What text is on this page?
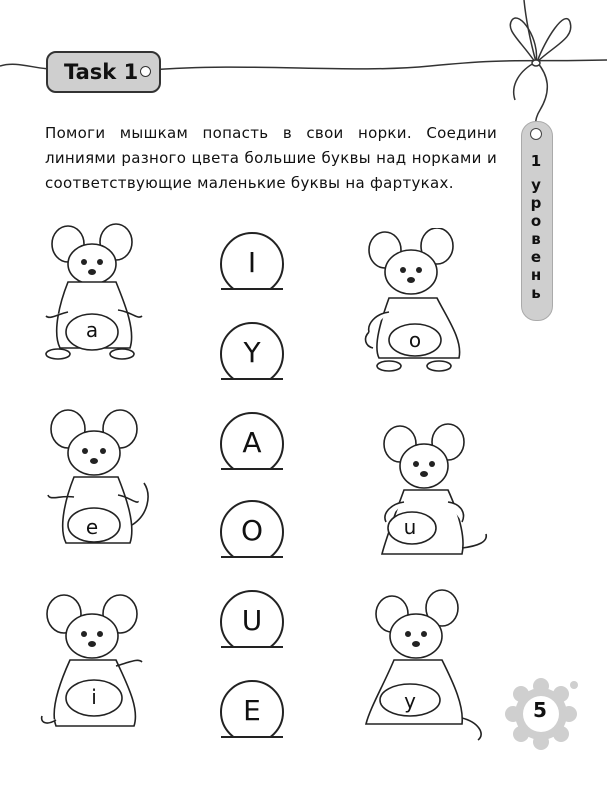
Task 1
Помоги мышкам попасть в свои норки. Соедини линиями разного цвета большие буквы над норками и соответствующие маленькие буквы на фартуках.
1
у
р
о
в
е
н
ь
I
Y
A
O
U
E
a
e
i
o
u
y	5
